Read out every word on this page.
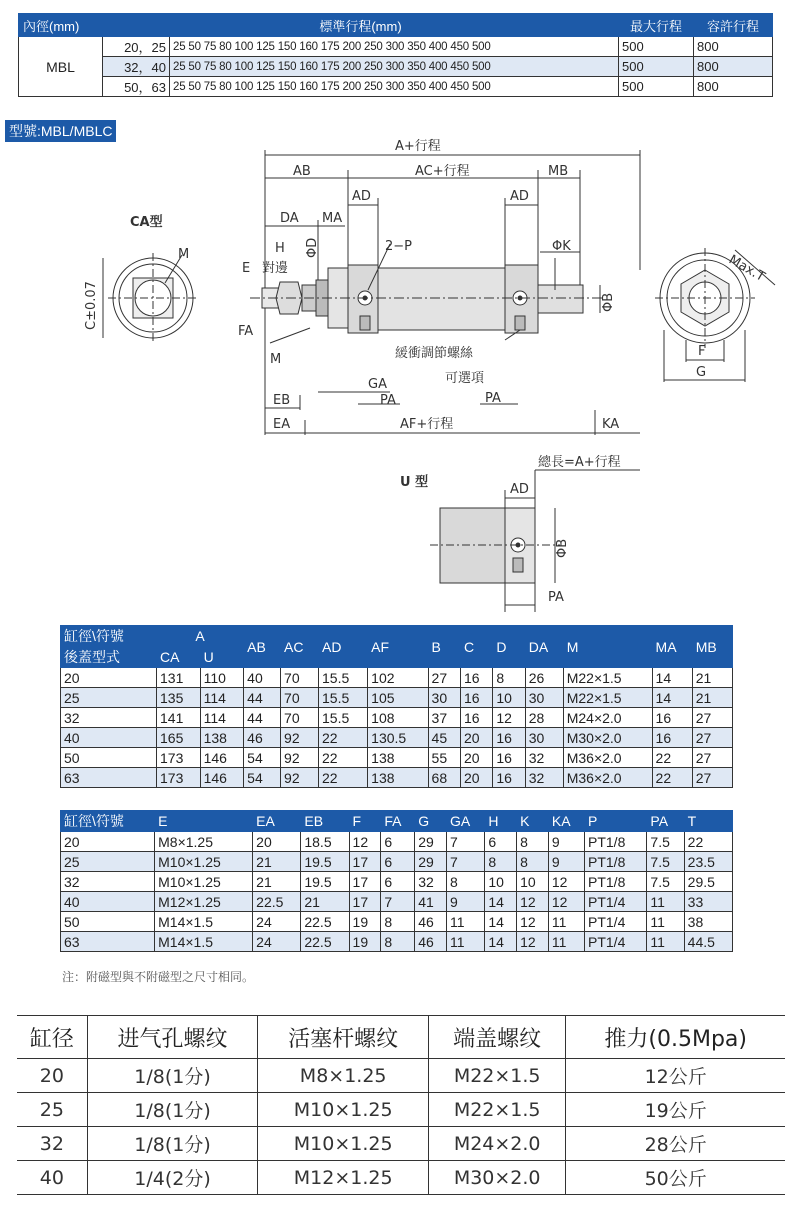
內徑(mm)	標準行程(mm)		最大行程	容許行程
MBL	20，25	25 50 75 80 100 125 150 160 175 200 250 300 350 400 450 500	500	800
	32，40	25 50 75 80 100 125 150 160 175 200 250 300 350 400 450 500	500	800
	50，63	25 50 75 80 100 125 150 160 175 200 250 300 350 400 450 500	500	800
型號:MBL/MBLC
A+行程
AB	AC+行程	MB
AD	AD
DA MA
H
對邊
ΦD	2−P	ΦK
E
FA
M
ΦB
C±0.07
CA型
M	Max.T
F
G
緩衝調節螺絲
可選項
GA
EB	PA	PA
EA	AF+行程	KA
總長=A+行程
U 型	AD
ΦB
PA
缸徑\符號	A		AB	AC	AD	AF	B	C	D	DA	M	MA	MB
後蓋型式	CA	U											
20	131	110	40	70	15.5	102	27	16	8	26	M22×1.5	14	21
25	135	114	44	70	15.5	105	30	16	10	30	M22×1.5	14	21
32	141	114	44	70	15.5	108	37	16	12	28	M24×2.0	16	27
40	165	138	46	92	22	130.5	45	20	16	30	M30×2.0	16	27
50	173	146	54	92	22	138	55	20	16	32	M36×2.0	22	27
63	173	146	54	92	22	138	68	20	16	32	M36×2.0	22	27
缸徑\符號	E	EA	EB	F	FA	G	GA	H	K	KA	P	PA	T
20	M8×1.25	20	18.5	12	6	29	7	6	8	9	PT1/8	7.5	22
25	M10×1.25	21	19.5	17	6	29	7	8	8	9	PT1/8	7.5	23.5
32	M10×1.25	21	19.5	17	6	32	8	10	10	12	PT1/8	7.5	29.5
40	M12×1.25	22.5	21	17	7	41	9	14	12	12	PT1/4	11	33
50	M14×1.5	24	22.5	19	8	46	11	14	12	11	PT1/4	11	38
63	M14×1.5	24	22.5	19	8	46	11	14	12	11	PT1/4	11	44.5
注：附磁型與不附磁型之尺寸相同。
缸径	进气孔螺纹	活塞杆螺纹	端盖螺纹	推力(0.5Mpa)
20	1/8(1分)	M8×1.25	M22×1.5	12公斤
25	1/8(1分)	M10×1.25	M22×1.5	19公斤
32	1/8(1分)	M10×1.25	M24×2.0	28公斤
40	1/4(2分)	M12×1.25	M30×2.0	50公斤
